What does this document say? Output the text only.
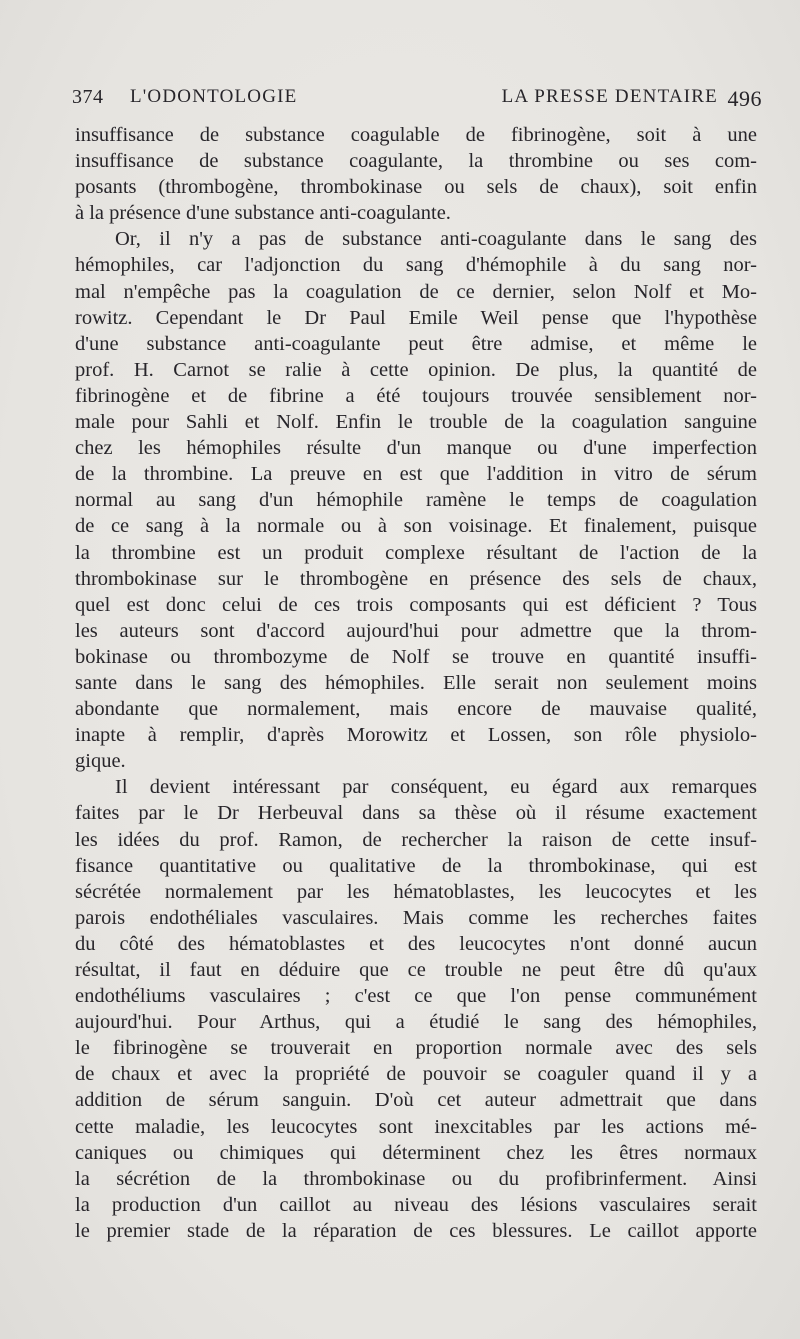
374 L'ODONTOLOGIE	LA PRESSE DENTAIRE 496
insuffisance de substance coagulable de fibrinogène, soit à une
insuffisance de substance coagulante, la thrombine ou ses com-
posants (thrombogène, thrombokinase ou sels de chaux), soit enfin
à la présence d'une substance anti-coagulante.
Or, il n'y a pas de substance anti-coagulante dans le sang des
hémophiles, car l'adjonction du sang d'hémophile à du sang nor-
mal n'empêche pas la coagulation de ce dernier, selon Nolf et Mo-
rowitz. Cependant le Dr Paul Emile Weil pense que l'hypothèse
d'une substance anti-coagulante peut être admise, et même le
prof. H. Carnot se ralie à cette opinion. De plus, la quantité de
fibrinogène et de fibrine a été toujours trouvée sensiblement nor-
male pour Sahli et Nolf. Enfin le trouble de la coagulation sanguine
chez les hémophiles résulte d'un manque ou d'une imperfection
de la thrombine. La preuve en est que l'addition in vitro de sérum
normal au sang d'un hémophile ramène le temps de coagulation
de ce sang à la normale ou à son voisinage. Et finalement, puisque
la thrombine est un produit complexe résultant de l'action de la
thrombokinase sur le thrombogène en présence des sels de chaux,
quel est donc celui de ces trois composants qui est déficient ? Tous
les auteurs sont d'accord aujourd'hui pour admettre que la throm-
bokinase ou thrombozyme de Nolf se trouve en quantité insuffi-
sante dans le sang des hémophiles. Elle serait non seulement moins
abondante que normalement, mais encore de mauvaise qualité,
inapte à remplir, d'après Morowitz et Lossen, son rôle physiolo-
gique.
Il devient intéressant par conséquent, eu égard aux remarques
faites par le Dr Herbeuval dans sa thèse où il résume exactement
les idées du prof. Ramon, de rechercher la raison de cette insuf-
fisance quantitative ou qualitative de la thrombokinase, qui est
sécrétée normalement par les hématoblastes, les leucocytes et les
parois endothéliales vasculaires. Mais comme les recherches faites
du côté des hématoblastes et des leucocytes n'ont donné aucun
résultat, il faut en déduire que ce trouble ne peut être dû qu'aux
endothéliums vasculaires ; c'est ce que l'on pense communément
aujourd'hui. Pour Arthus, qui a étudié le sang des hémophiles,
le fibrinogène se trouverait en proportion normale avec des sels
de chaux et avec la propriété de pouvoir se coaguler quand il y a
addition de sérum sanguin. D'où cet auteur admettrait que dans
cette maladie, les leucocytes sont inexcitables par les actions mé-
caniques ou chimiques qui déterminent chez les êtres normaux
la sécrétion de la thrombokinase ou du profibrinferment. Ainsi
la production d'un caillot au niveau des lésions vasculaires serait
le premier stade de la réparation de ces blessures. Le caillot apporte
